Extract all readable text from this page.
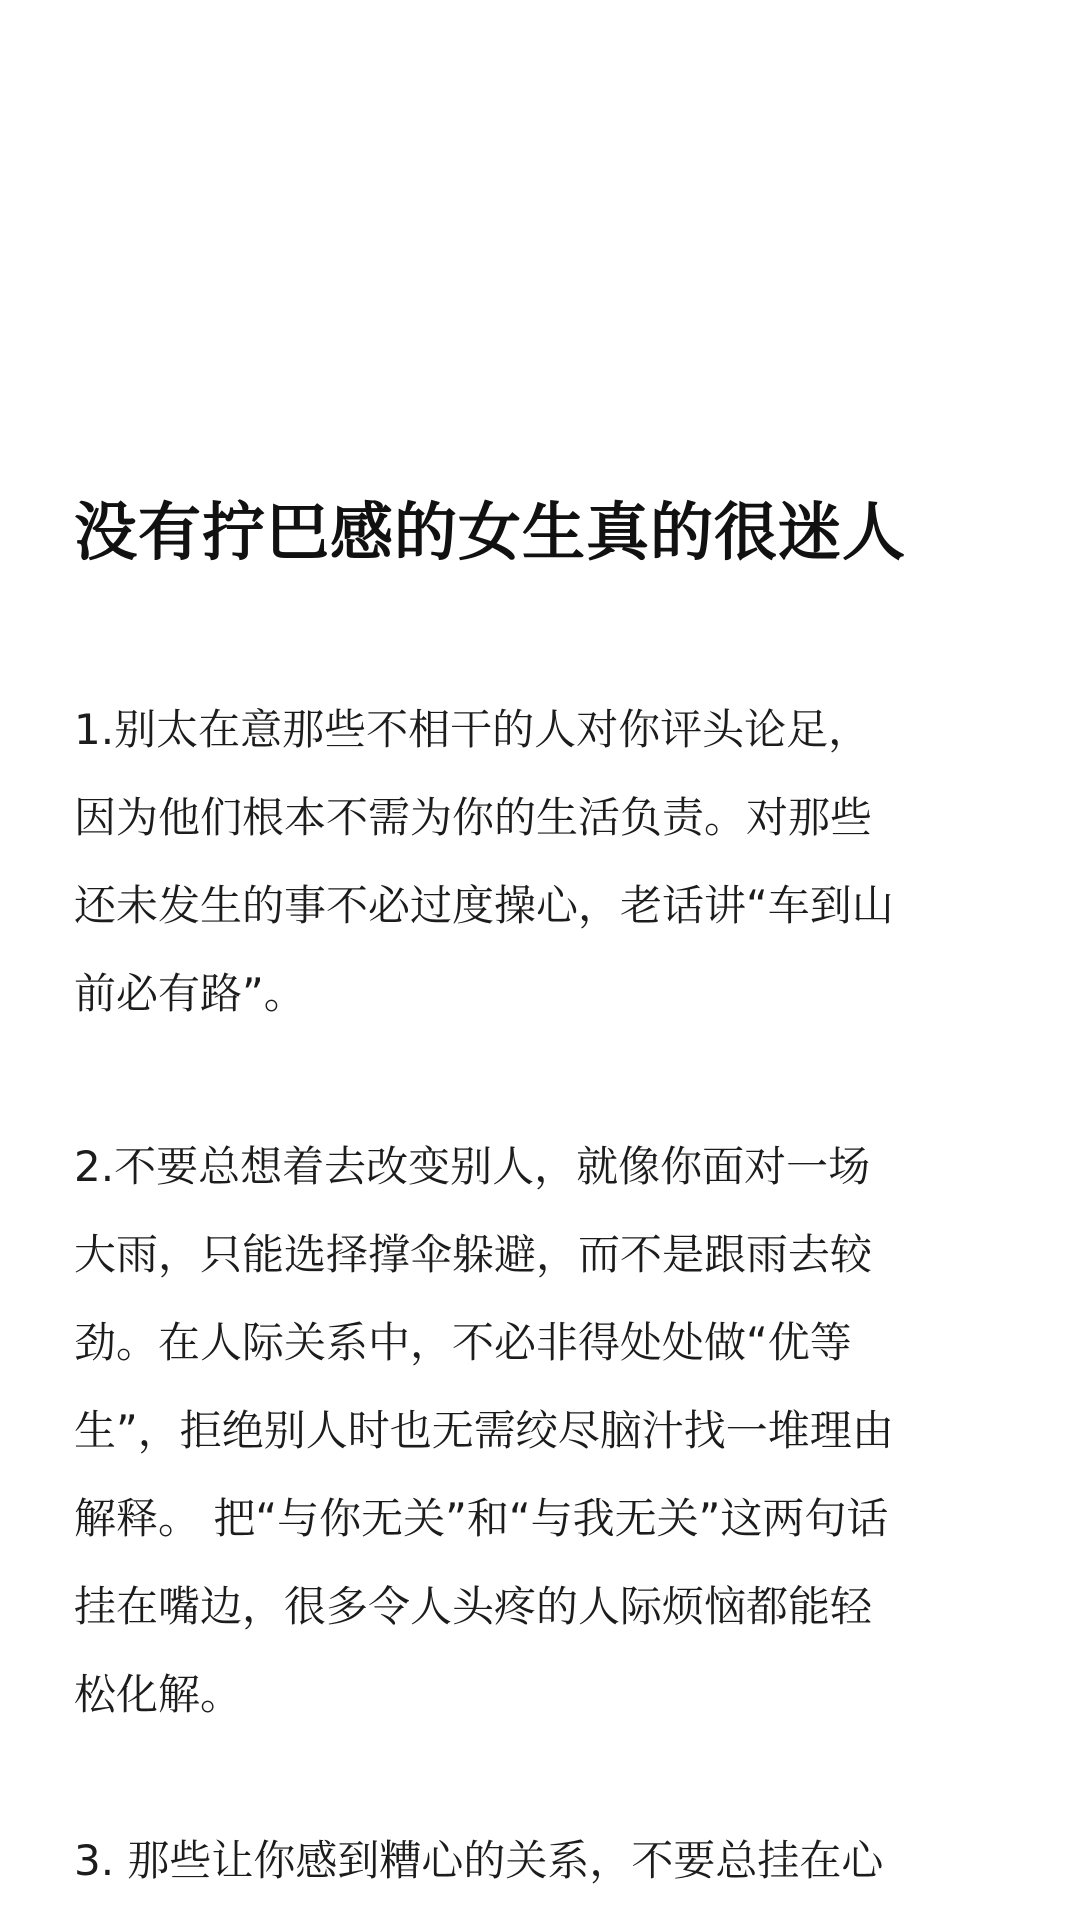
没有拧巴感的女生真的很迷人

1.别太在意那些不相干的人对你评头论足，
因为他们根本不需为你的生活负责。对那些
还未发生的事不必过度操心，老话讲“车到山
前必有路”。

2.不要总想着去改变别人，就像你面对一场
大雨，只能选择撑伞躲避，而不是跟雨去较
劲。在人际关系中，不必非得处处做“优等
生”，拒绝别人时也无需绞尽脑汁找一堆理由
解释。 把“与你无关”和“与我无关”这两句话
挂在嘴边，很多令人头疼的人际烦恼都能轻
松化解。

3. 那些让你感到糟心的关系，不要总挂在心
